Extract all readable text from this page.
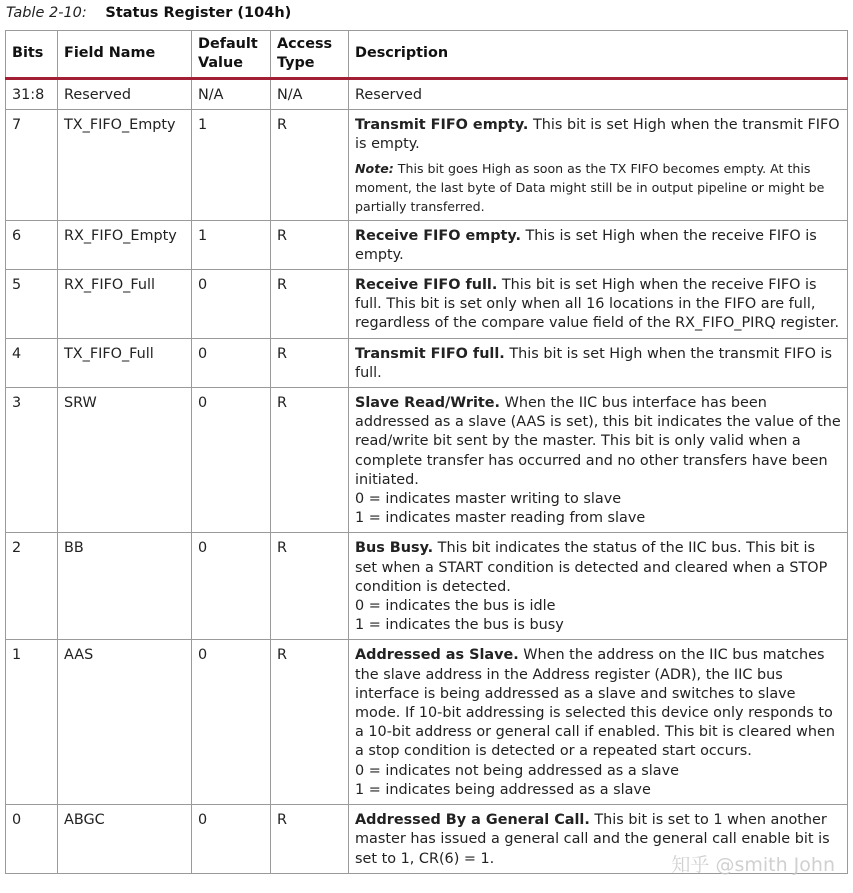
Table 2-10: Status Register (104h)
Bits	Field Name	Default Value	Access Type	Description
31:8	Reserved	N/A	N/A	Reserved
7	TX_FIFO_Empty	1	R	Transmit FIFO empty. This bit is set High when the transmit FIFO is empty.
Note: This bit goes High as soon as the TX FIFO becomes empty. At this moment, the last byte of Data might still be in output pipeline or might be partially transferred.

6	RX_FIFO_Empty	1	R	Receive FIFO empty. This is set High when the receive FIFO is empty.
5	RX_FIFO_Full	0	R	Receive FIFO full. This bit is set High when the receive FIFO is full. This bit is set only when all 16 locations in the FIFO are full, regardless of the compare value field of the RX_FIFO_PIRQ register.
4	TX_FIFO_Full	0	R	Transmit FIFO full. This bit is set High when the transmit FIFO is full.
3	SRW	0	R	Slave Read/Write. When the IIC bus interface has been addressed as a slave (AAS is set), this bit indicates the value of the read/write bit sent by the master. This bit is only valid when a complete transfer has occurred and no other transfers have been initiated.
0 = indicates master writing to slave
1 = indicates master reading from slave

2	BB	0	R	Bus Busy. This bit indicates the status of the IIC bus. This bit is set when a START condition is detected and cleared when a STOP condition is detected.
0 = indicates the bus is idle
1 = indicates the bus is busy

1	AAS	0	R	Addressed as Slave. When the address on the IIC bus matches the slave address in the Address register (ADR), the IIC bus interface is being addressed as a slave and switches to slave mode. If 10-bit addressing is selected this device only responds to a 10-bit address or general call if enabled. This bit is cleared when a stop condition is detected or a repeated start occurs.
0 = indicates not being addressed as a slave
1 = indicates being addressed as a slave

0	ABGC	0	R	Addressed By a General Call. This bit is set to 1 when another master has issued a general call and the general call enable bit is set to 1, CR(6) = 1.	知乎 @smith John
